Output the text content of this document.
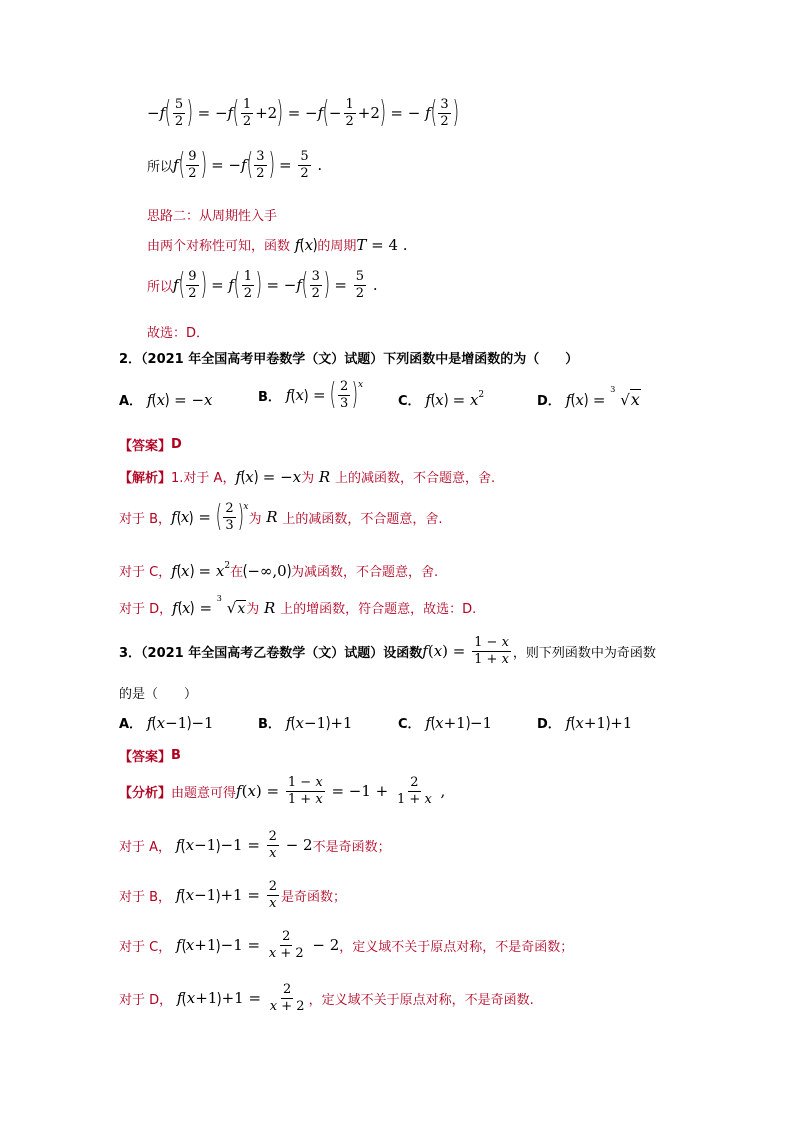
− f ( $\frac{5}{2}$ ) = − f ( $\frac{1}{2} +2$ ) = − f ( − $\frac{1}{2} +2$ ) = − f ( $\frac{3}{2}$ )
所以 f ( $\frac{9}{2}$ ) = − f ( $\frac{3}{2}$ ) = $\frac{5}{2}$ .
思路二：从周期性入手
由两个对称性可知，函数 f ( x ) 的周期 T = 4 .
所以 f ( $\frac{9}{2}$ ) = f ( $\frac{1}{2}$ ) = − f ( $\frac{3}{2}$ ) = $\frac{5}{2}$ .
故选：D．
2．（2021 年全国高考甲卷数学（文）试题）下列函数中是增函数的为（　　）
A． f ( x ) = − x	B． f ( x ) = ( $\frac{2}{3} )^x$
C． f ( x ) = $x^2$	D． f ( x ) =
3
√x
【答案】 D
【解析】 1.对于 A， f ( x ) = − x 为 R 上的减函数，不合题意，舍.
对于 B， f ( x ) = ( $\frac{2}{3} )^x$
为 R 上的减函数，不合题意，舍.
对于 C， f ( x ) = $x^2$ 在 ( −∞,0 ) 为减函数，不合题意，舍.
对于 D， f ( x ) =
3
√x 为 R 上的增函数，符合题意，故选：D.
3．（2021 年全国高考乙卷数学（文）试题）设函数 f ( x ) = $\frac{1 - x}{1 + x}$ ，则下列函数中为奇函数
的是（　　）
A． f ( x −1 ) −1	B． f ( x −1 ) +1	C． f ( x +1 ) −1	D． f ( x +1 ) +1
【答案】 B
【分析】 由题意可得 f ( x ) = $\frac{1 - x}{1 + x} = -1 + \frac{2}{1 + x}$ ,
对于 A， f ( x −1 ) $-1 = \frac{2}{x} - 2$ 不是奇函数；
对于 B， f ( x −1 ) $+1 = \frac{2}{x}$ 是奇函数；
对于 C， f ( x +1 ) $-1 = \frac{2}{x + 2} - 2$ ，定义域不关于原点对称，不是奇函数；
对于 D， f ( x +1 ) $+1 = \frac{2}{x + 2}$ ，定义域不关于原点对称，不是奇函数.
